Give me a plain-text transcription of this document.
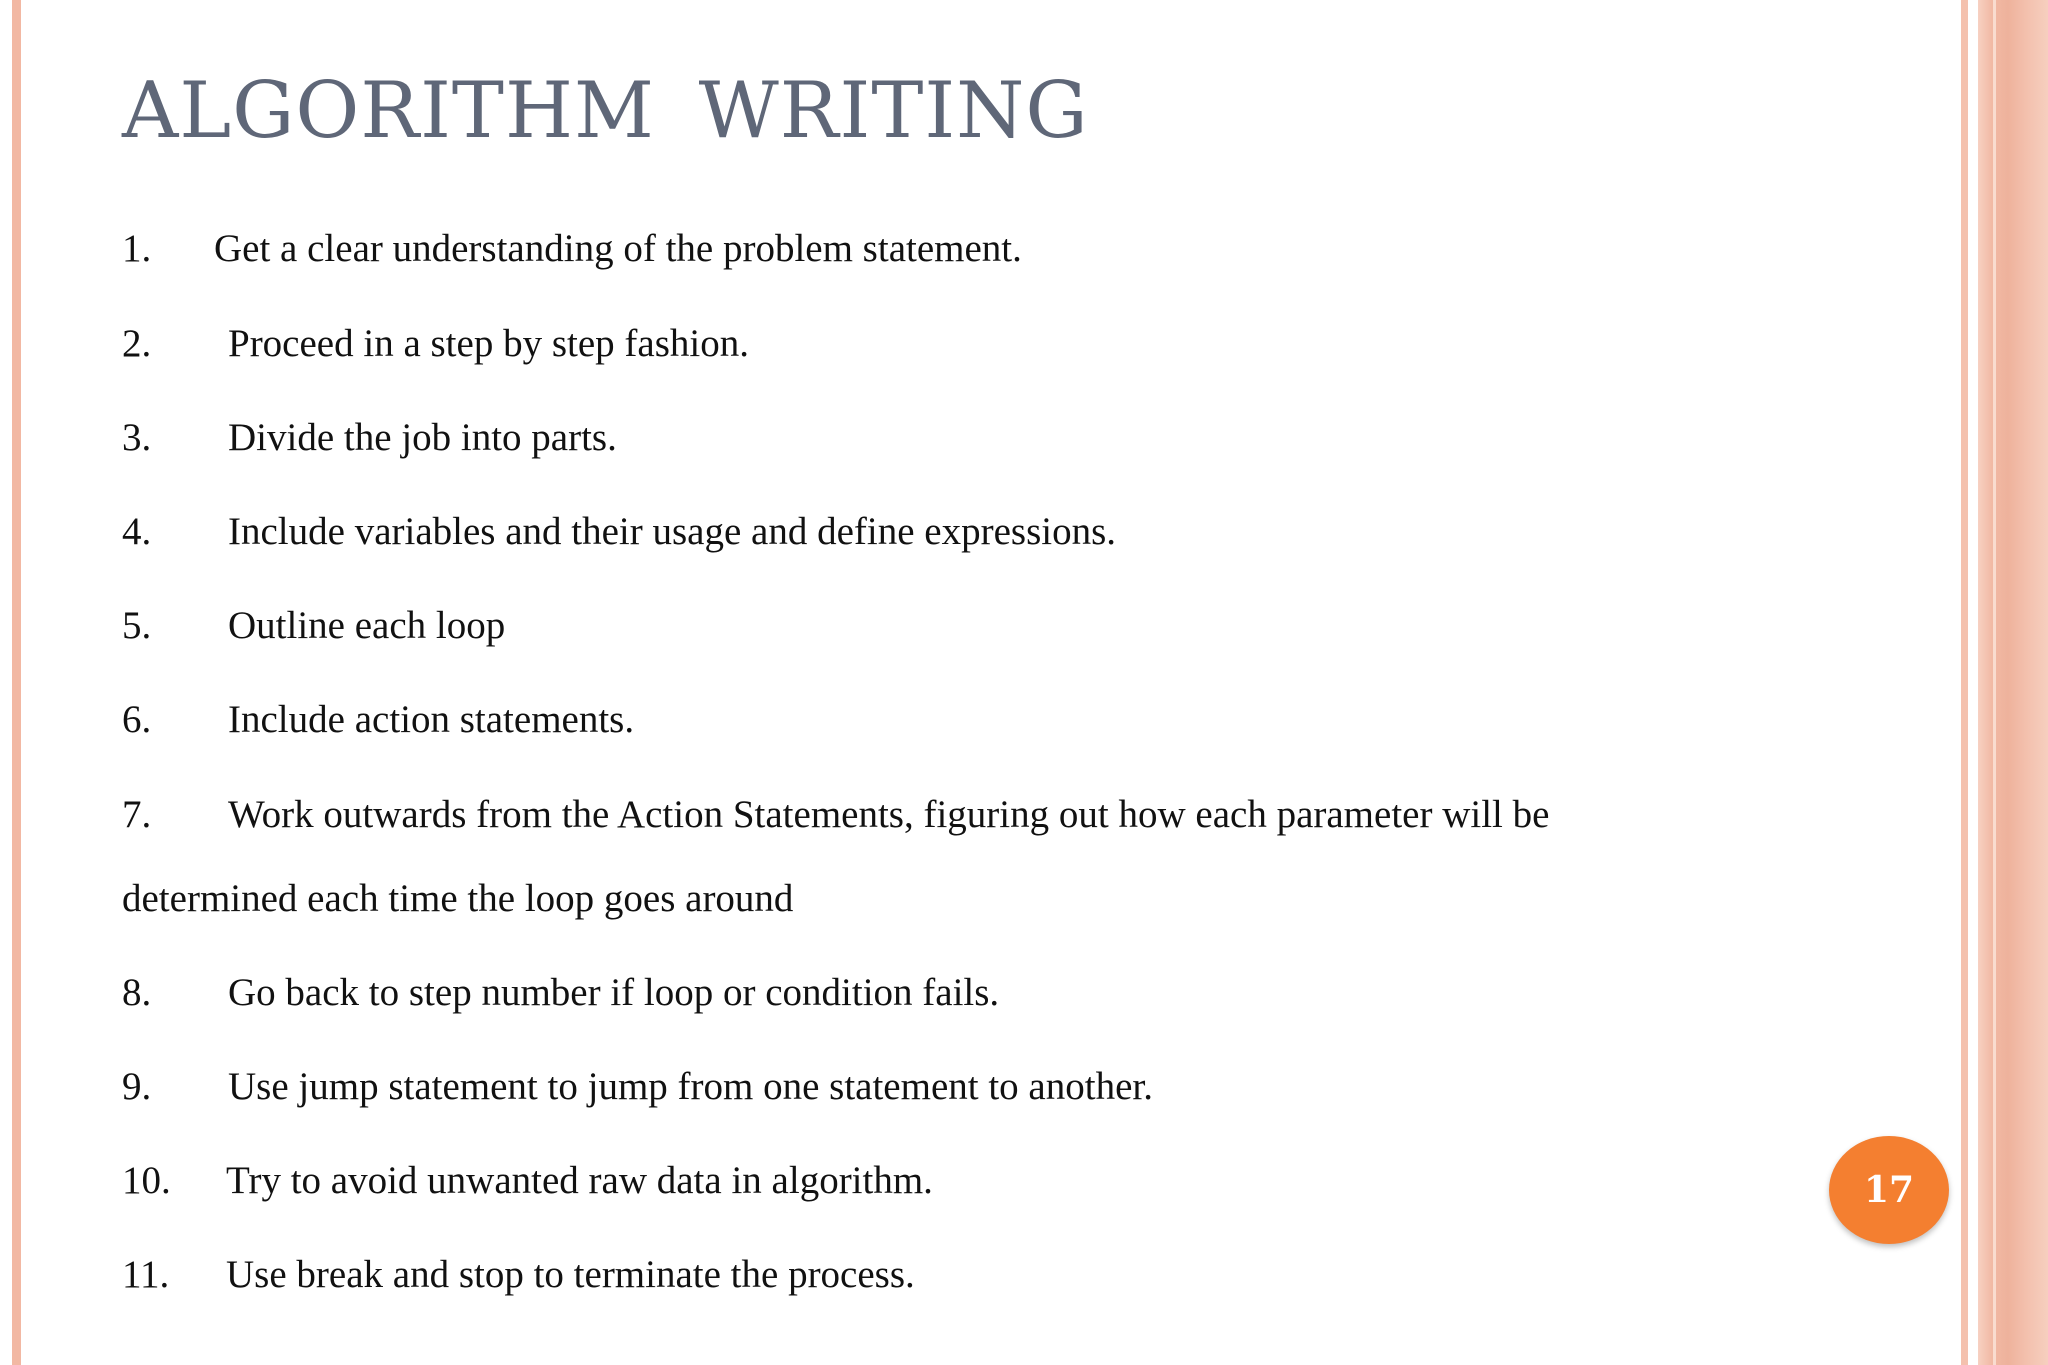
ALGORITHM WRITING
1. Get a clear understanding of the problem statement.
2. Proceed in a step by step fashion.
3. Divide the job into parts.
4. Include variables and their usage and define expressions.
5. Outline each loop
6. Include action statements.
7. Work outwards from the Action Statements, figuring out how each parameter will be
determined each time the loop goes around
8. Go back to step number if loop or condition fails.
9. Use jump statement to jump from one statement to another.
10. Try to avoid unwanted raw data in algorithm.
11. Use break and stop to terminate the process.
17
